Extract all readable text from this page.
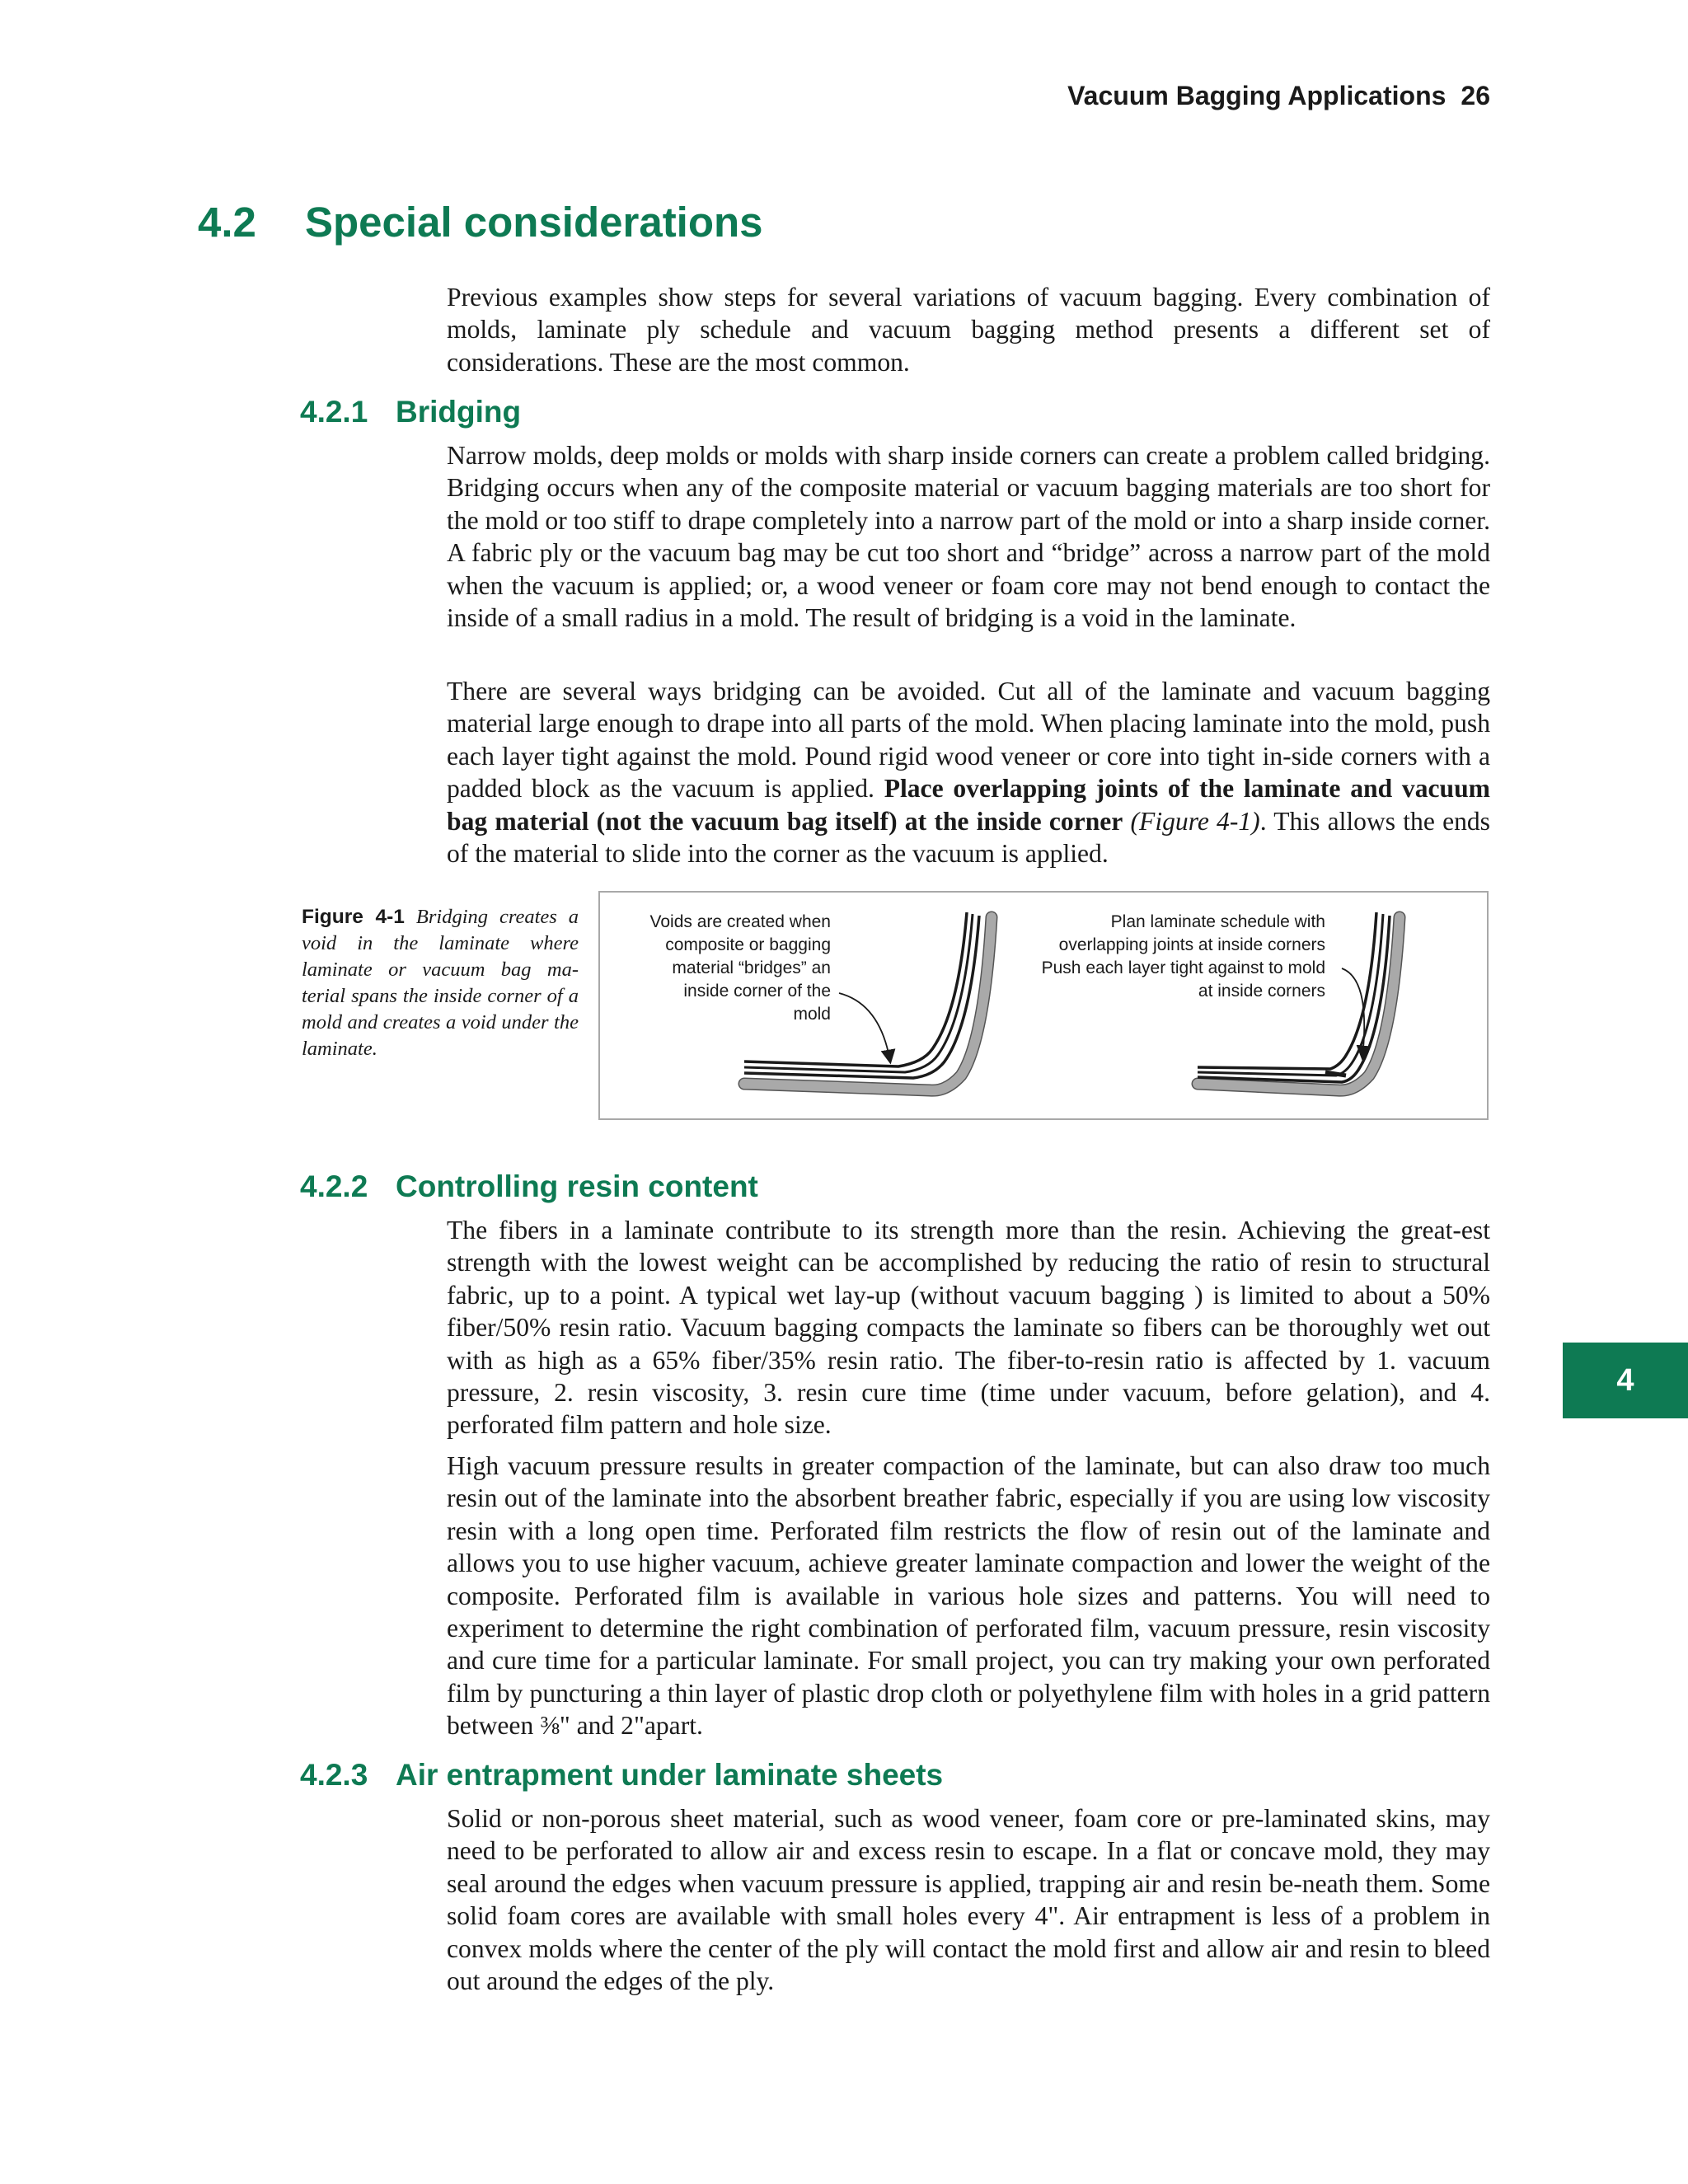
Vacuum Bagging Applications 26
4.2 Special considerations

Previous examples show steps for several variations of vacuum bagging. Every combination of molds, laminate ply schedule and vacuum bagging method presents a different set of considerations. These are the most common.

4.2.1 Bridging

Narrow molds, deep molds or molds with sharp inside corners can create a problem called bridging. Bridging occurs when any of the composite material or vacuum bagging materials are too short for the mold or too stiff to drape completely into a narrow part of the mold or into a sharp inside corner. A fabric ply or the vacuum bag may be cut too short and “bridge” across a narrow part of the mold when the vacuum is applied; or, a wood veneer or foam core may not bend enough to contact the inside of a small radius in a mold. The result of bridging is a void in the laminate.

There are several ways bridging can be avoided. Cut all of the laminate and vacuum bagging material large enough to drape into all parts of the mold. When placing laminate into the mold, push each layer tight against the mold. Pound rigid wood veneer or core into tight in-side corners with a padded block as the vacuum is applied. Place overlapping joints of the laminate and vacuum bag material (not the vacuum bag itself) at the inside corner (Figure 4-1). This allows the ends of the material to slide into the corner as the vacuum is applied.

Figure 4-1 Bridging creates a void in the laminate where laminate or vacuum bag ma-terial spans the inside corner of a mold and creates a void under the laminate.

Voids are created when
composite or bagging
material “bridges” an
inside corner of the
mold
Plan laminate schedule with
overlapping joints at inside corners
Push each layer tight against to mold
at inside corners
4.2.2 Controlling resin content

The fibers in a laminate contribute to its strength more than the resin. Achieving the great-est strength with the lowest weight can be accomplished by reducing the ratio of resin to structural fabric, up to a point. A typical wet lay-up (without vacuum bagging ) is limited to about a 50% fiber/50% resin ratio. Vacuum bagging compacts the laminate so fibers can be thoroughly wet out with as high as a 65% fiber/35% resin ratio. The fiber-to-resin ratio is affected by 1. vacuum pressure, 2. resin viscosity, 3. resin cure time (time under vacuum, before gelation), and 4. perforated film pattern and hole size.

High vacuum pressure results in greater compaction of the laminate, but can also draw too much resin out of the laminate into the absorbent breather fabric, especially if you are using low viscosity resin with a long open time. Perforated film restricts the flow of resin out of the laminate and allows you to use higher vacuum, achieve greater laminate compaction and lower the weight of the composite. Perforated film is available in various hole sizes and patterns. You will need to experiment to determine the right combination of perforated film, vacuum pressure, resin viscosity and cure time for a particular laminate. For small project, you can try making your own perforated film by puncturing a thin layer of plastic drop cloth or polyethylene film with holes in a grid pattern between ⅜" and 2"apart.

4.2.3 Air entrapment under laminate sheets

Solid or non-porous sheet material, such as wood veneer, foam core or pre-laminated skins, may need to be perforated to allow air and excess resin to escape. In a flat or concave mold, they may seal around the edges when vacuum pressure is applied, trapping air and resin be-neath them. Some solid foam cores are available with small holes every 4". Air entrapment is less of a problem in convex molds where the center of the ply will contact the mold first and allow air and resin to bleed out around the edges of the ply.

4
